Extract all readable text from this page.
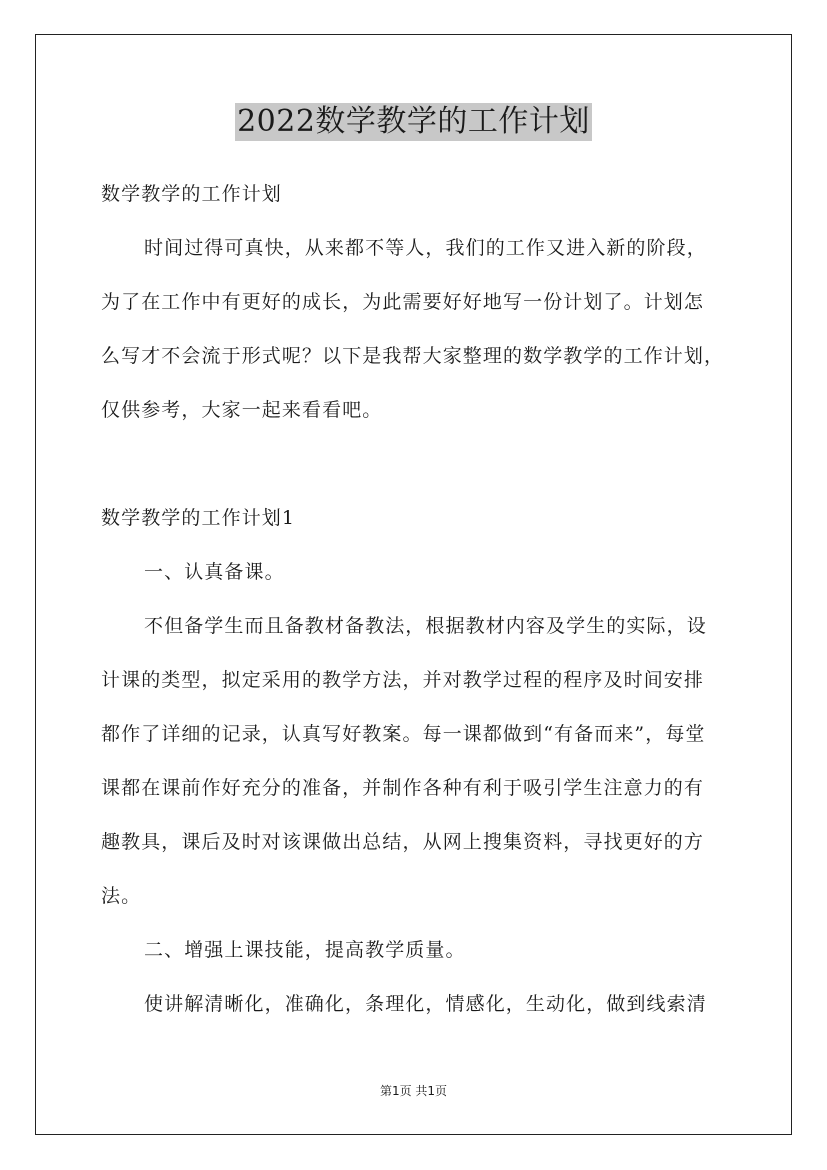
2022数学教学的工作计划
数学教学的工作计划
时间过得可真快，从来都不等人，我们的工作又进入新的阶段，
为了在工作中有更好的成长，为此需要好好地写一份计划了。计划怎
么写才不会流于形式呢？以下是我帮大家整理的数学教学的工作计划，
仅供参考，大家一起来看看吧。
数学教学的工作计划1
一、认真备课。
不但备学生而且备教材备教法，根据教材内容及学生的实际，设
计课的类型，拟定采用的教学方法，并对教学过程的程序及时间安排
都作了详细的记录，认真写好教案。每一课都做到“有备而来”，每堂
课都在课前作好充分的准备，并制作各种有利于吸引学生注意力的有
趣教具，课后及时对该课做出总结，从网上搜集资料，寻找更好的方
法。
二、增强上课技能，提高教学质量。
使讲解清晰化，准确化，条理化，情感化，生动化，做到线索清
第1页 共1页
